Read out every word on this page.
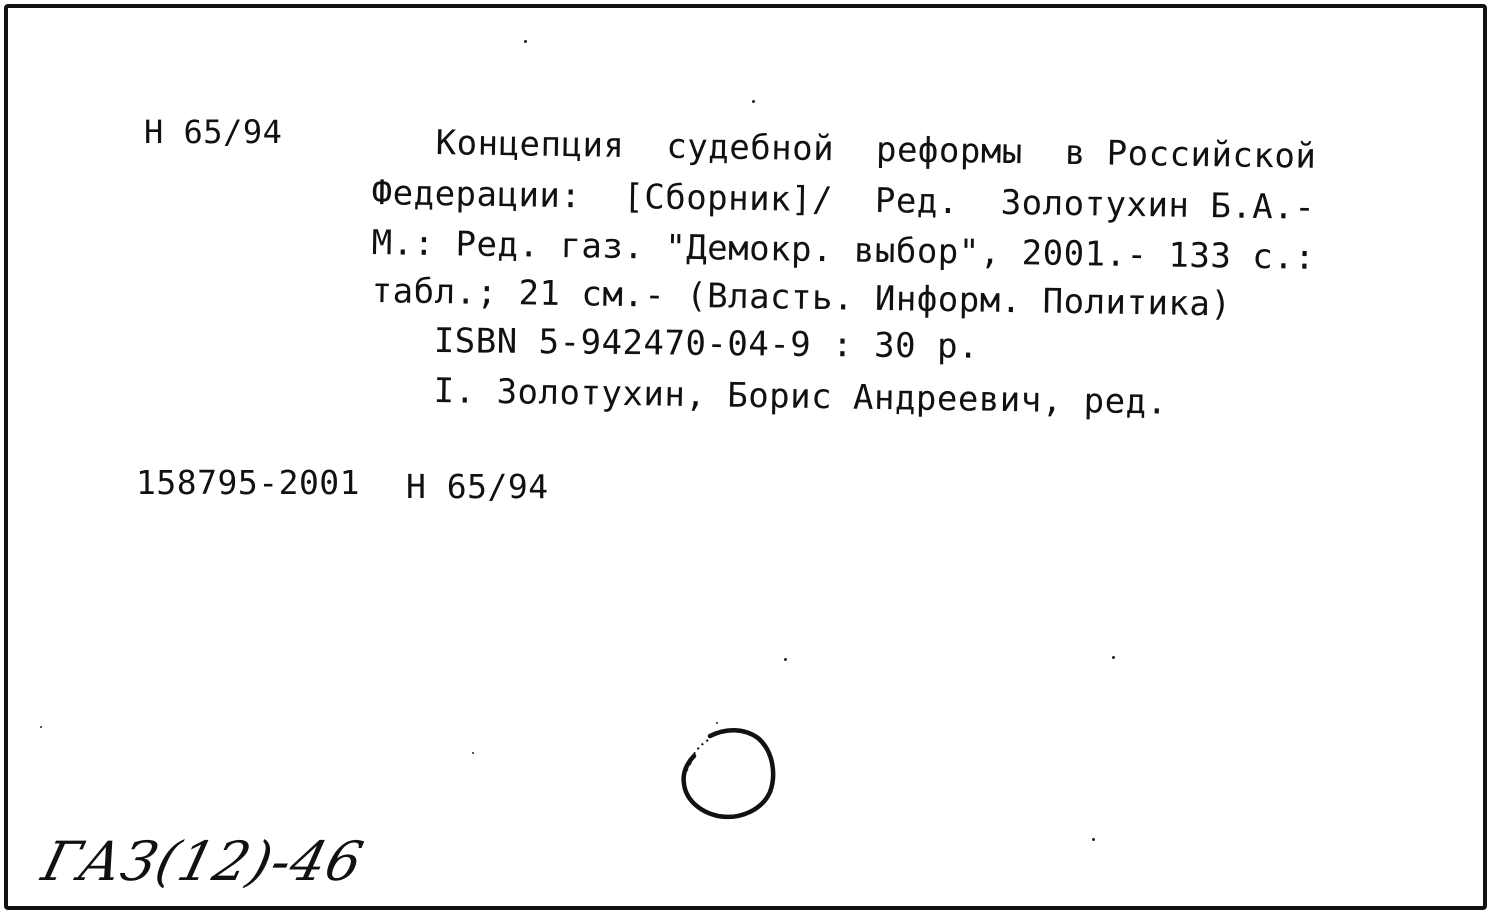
Н 65/94	Концепция  судебной  реформы  в Российской
Федерации:  [Сборник]/  Ред.  Золотухин Б.А.-
М.: Ред. газ. "Демокр. выбор", 2001.- 133 с.:
табл.; 21 см.- (Власть. Информ. Политика)
ISBN 5-942470-04-9 : 30 р.
I. Золотухин, Борис Андреевич, ред.
158795-2001 Н 65/94
ГАЗ(12)-46
